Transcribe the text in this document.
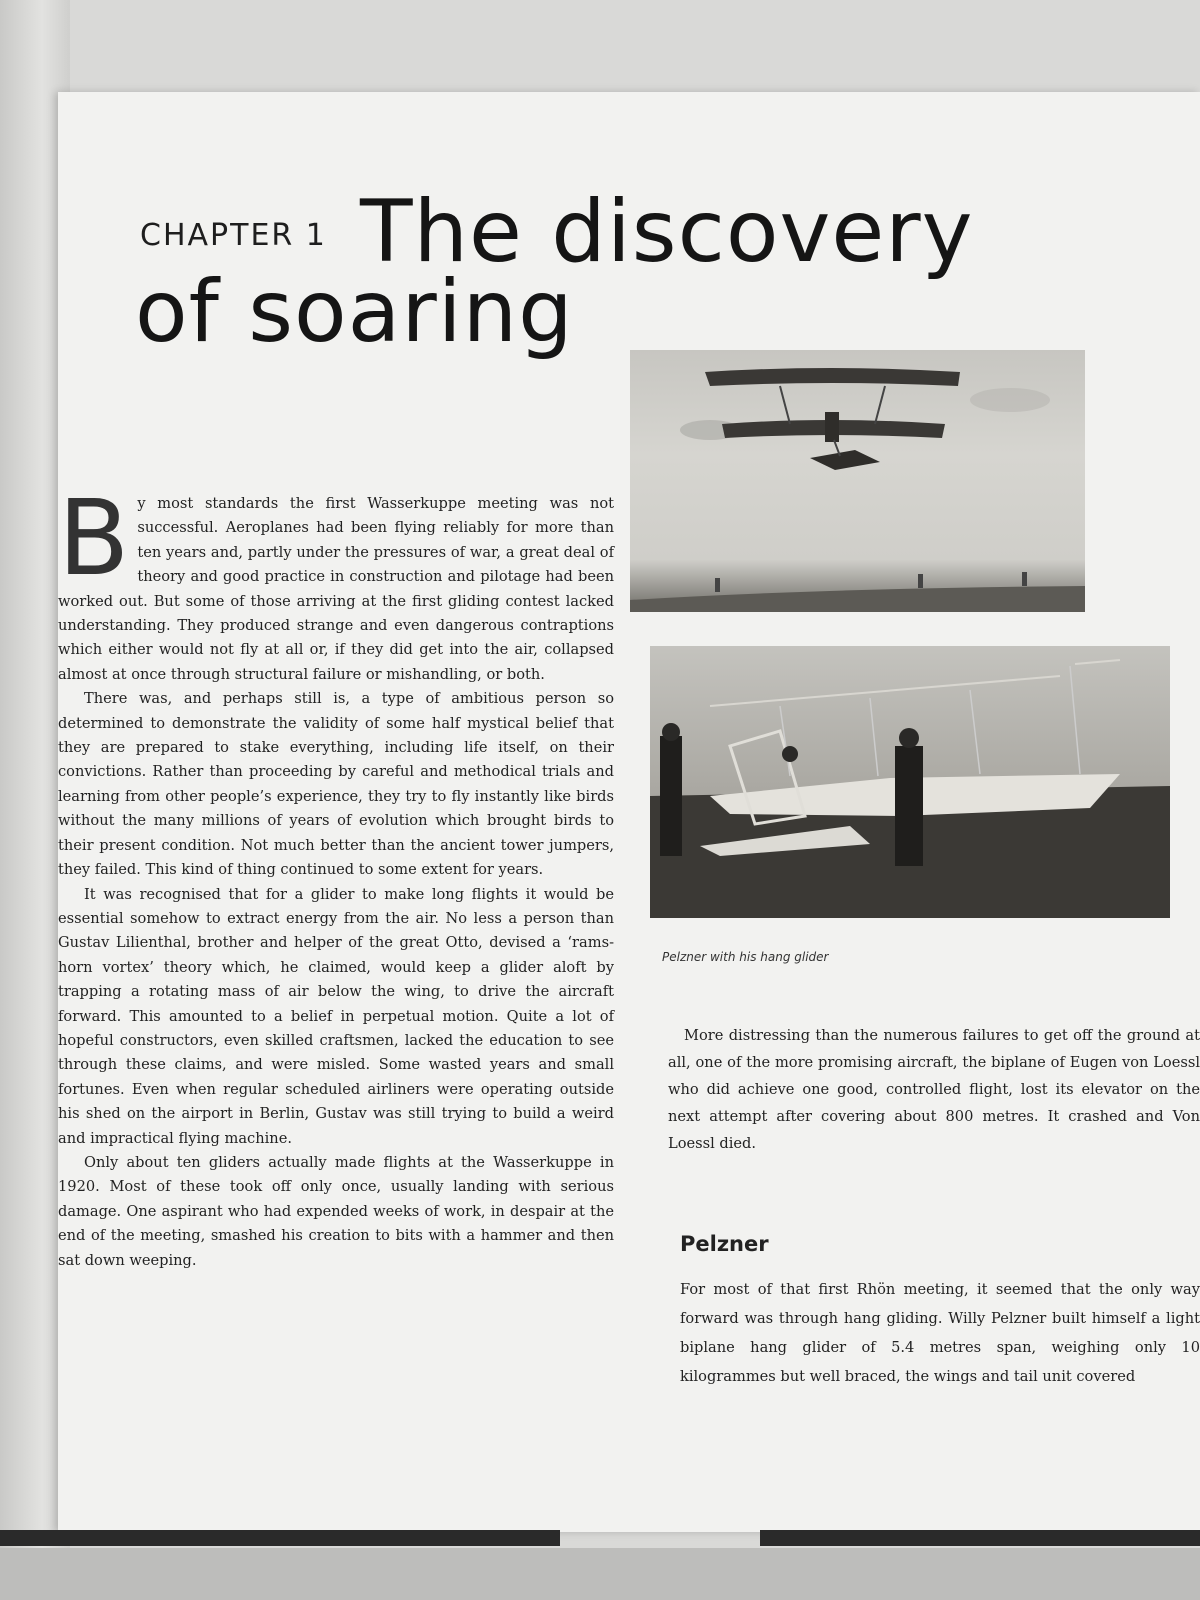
CHAPTER 1 The discovery
of soaring

By most standards the first Wasserkuppe meeting was not successful. Aeroplanes had been flying reliably for more than ten years and, partly under the pressures of war, a great deal of theory and good practice in construction and pilotage had been worked out. But some of those arriving at the first gliding contest lacked understanding. They produced strange and even dangerous contraptions which either would not fly at all or, if they did get into the air, collapsed almost at once through structural failure or mishandling, or both.

There was, and perhaps still is, a type of ambitious person so determined to demonstrate the validity of some half mystical belief that they are prepared to stake everything, including life itself, on their convictions. Rather than proceeding by careful and methodical trials and learning from other people’s experience, they try to fly instantly like birds without the many millions of years of evolution which brought birds to their present condition. Not much better than the ancient tower jumpers, they failed. This kind of thing continued to some extent for years.

It was recognised that for a glider to make long flights it would be essential somehow to extract energy from the air. No less a person than Gustav Lilienthal, brother and helper of the great Otto, devised a ‘rams-horn vortex’ theory which, he claimed, would keep a glider aloft by trapping a rotating mass of air below the wing, to drive the aircraft forward. This amounted to a belief in perpetual motion. Quite a lot of hopeful constructors, even skilled craftsmen, lacked the education to see through these claims, and were misled. Some wasted years and small fortunes. Even when regular scheduled airliners were operating outside his shed on the airport in Berlin, Gustav was still trying to build a weird and impractical flying machine.

Only about ten gliders actually made flights at the Wasserkuppe in 1920. Most of these took off only once, usually landing with serious damage. One aspirant who had expended weeks of work, in despair at the end of the meeting, smashed his creation to bits with a hammer and then sat down weeping.

Pelzner with his hang glider

More distressing than the numerous failures to get off the ground at all, one of the more promising aircraft, the biplane of Eugen von Loessl who did achieve one good, controlled flight, lost its elevator on the next attempt after covering about 800 metres. It crashed and Von Loessl died.

Pelzner

For most of that first Rhön meeting, it seemed that the only way forward was through hang gliding. Willy Pelzner built himself a light biplane hang glider of 5.4 metres span, weighing only 10 kilogrammes but well braced, the wings and tail unit covered
